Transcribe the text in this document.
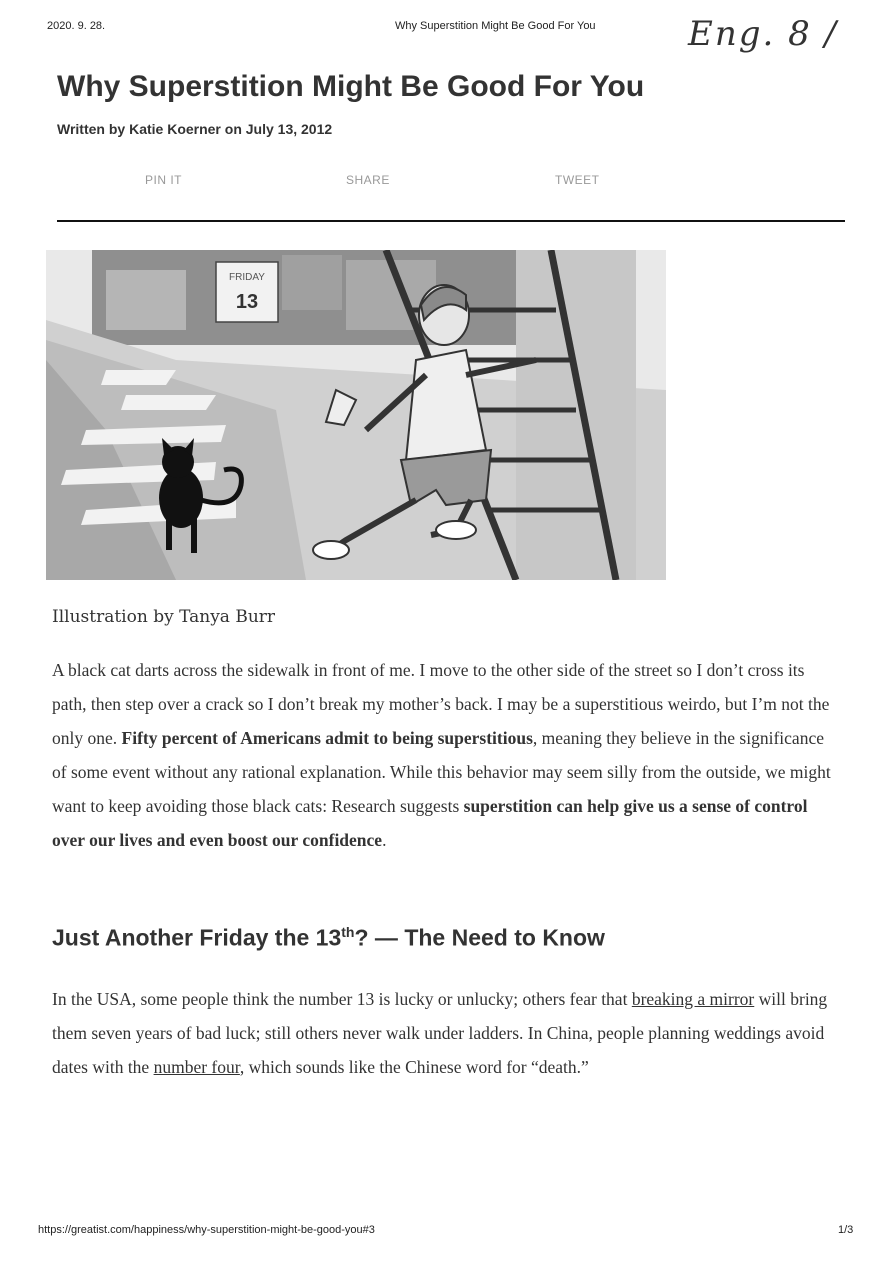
2020. 9. 28.	Why Superstition Might Be Good For You	Eng. 8 /
Why Superstition Might Be Good For You
Written by Katie Koerner on July 13, 2012
PIN IT	SHARE	TWEET
FRIDAY
13
Illustration by Tanya Burr

A black cat darts across the sidewalk in front of me. I move to the other side of the street so I don’t cross its path, then step over a crack so I don’t break my mother’s back. I may be a superstitious weirdo, but I’m not the only one. Fifty percent of Americans admit to being superstitious, meaning they believe in the significance of some event without any rational explanation. While this behavior may seem silly from the outside, we might want to keep avoiding those black cats: Research suggests superstition can help give us a sense of control over our lives and even boost our confidence.

Just Another Friday the 13th? — The Need to Know

In the USA, some people think the number 13 is lucky or unlucky; others fear that breaking a mirror will bring them seven years of bad luck; still others never walk under ladders. In China, people planning weddings avoid dates with the number four, which sounds like the Chinese word for “death.”

https://greatist.com/happiness/why-superstition-might-be-good-you#3	1/3
